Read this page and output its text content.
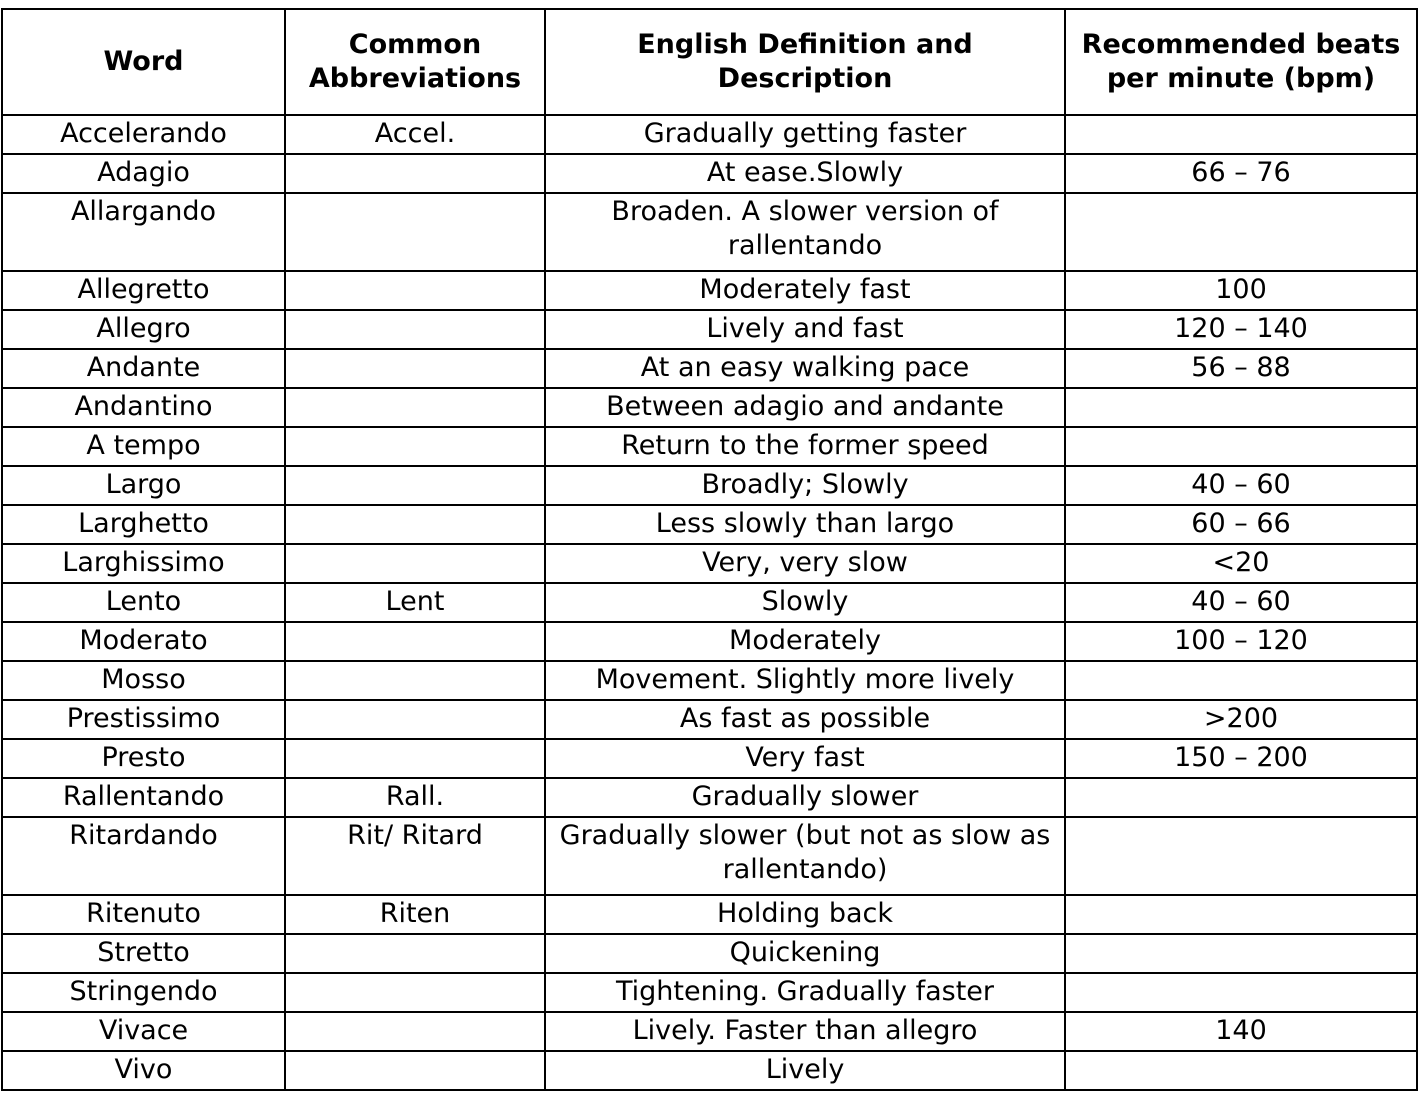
Word	Common Abbreviations	English Definition and Description	Recommended beats per minute (bpm)
Accelerando	Accel.	Gradually getting faster	
Adagio		At ease.Slowly	66 – 76
Allargando		Broaden. A slower version of rallentando	
Allegretto		Moderately fast	100
Allegro		Lively and fast	120 – 140
Andante		At an easy walking pace	56 – 88
Andantino		Between adagio and andante	
A tempo		Return to the former speed	
Largo		Broadly; Slowly	40 – 60
Larghetto		Less slowly than largo	60 – 66
Larghissimo		Very, very slow	<20
Lento	Lent	Slowly	40 – 60
Moderato		Moderately	100 – 120
Mosso		Movement. Slightly more lively	
Prestissimo		As fast as possible	>200
Presto		Very fast	150 – 200
Rallentando	Rall.	Gradually slower	
Ritardando	Rit/ Ritard	Gradually slower (but not as slow as rallentando)	
Ritenuto	Riten	Holding back	
Stretto		Quickening	
Stringendo		Tightening. Gradually faster	
Vivace		Lively. Faster than allegro	140
Vivo		Lively	
